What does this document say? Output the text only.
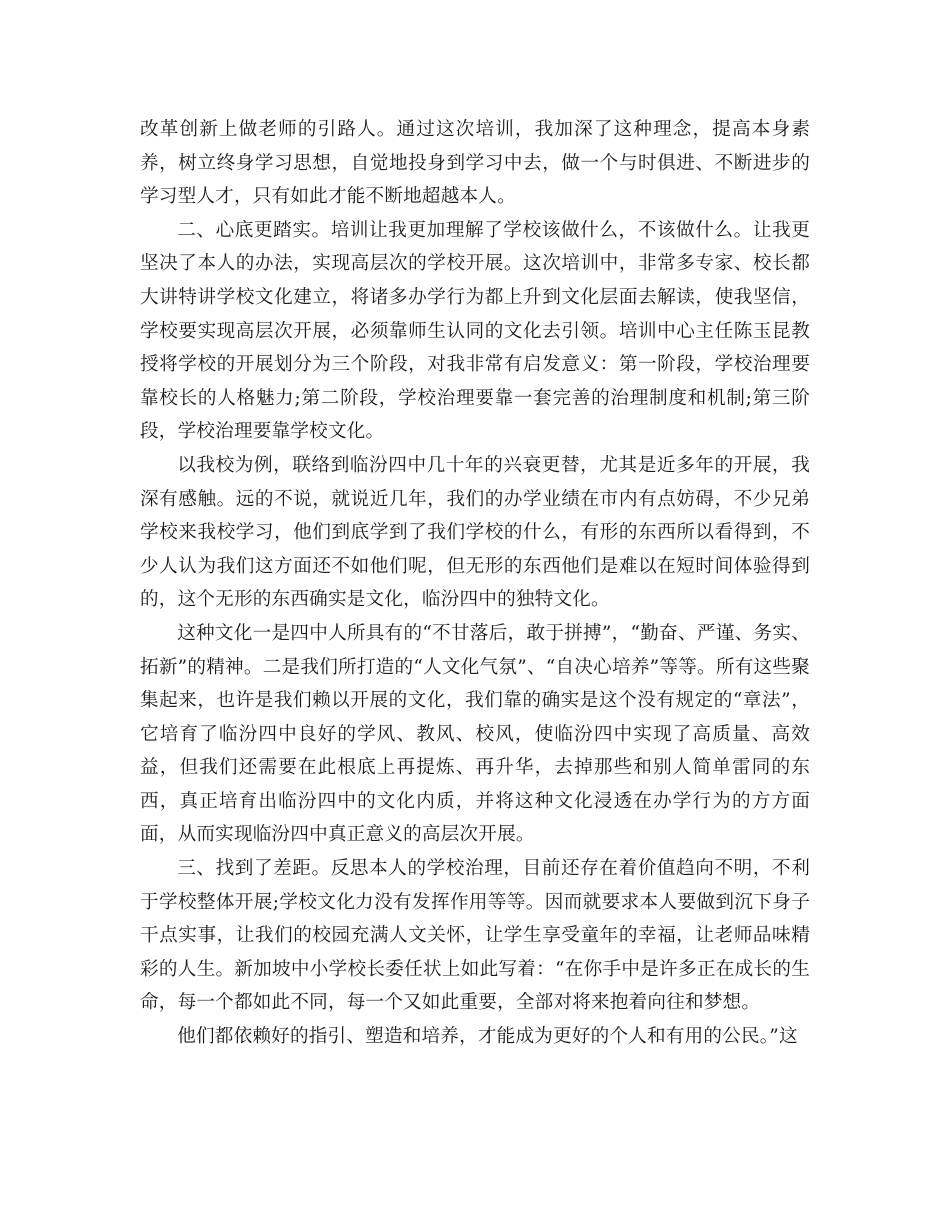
改革创新上做老师的引路人。通过这次培训，我加深了这种理念，提高本身素养，树立终身学习思想，自觉地投身到学习中去，做一个与时俱进、不断进步的学习型人才，只有如此才能不断地超越本人。

二、心底更踏实。培训让我更加理解了学校该做什么，不该做什么。让我更坚决了本人的办法，实现高层次的学校开展。这次培训中，非常多专家、校长都大讲特讲学校文化建立，将诸多办学行为都上升到文化层面去解读，使我坚信，学校要实现高层次开展，必须靠师生认同的文化去引领。培训中心主任陈玉昆教授将学校的开展划分为三个阶段，对我非常有启发意义：第一阶段，学校治理要靠校长的人格魅力;第二阶段，学校治理要靠一套完善的治理制度和机制;第三阶段，学校治理要靠学校文化。

以我校为例，联络到临汾四中几十年的兴衰更替，尤其是近多年的开展，我深有感触。远的不说，就说近几年，我们的办学业绩在市内有点妨碍，不少兄弟学校来我校学习，他们到底学到了我们学校的什么，有形的东西所以看得到，不少人认为我们这方面还不如他们呢，但无形的东西他们是难以在短时间体验得到的，这个无形的东西确实是文化，临汾四中的独特文化。

这种文化一是四中人所具有的“不甘落后，敢于拼搏”，“勤奋、严谨、务实、拓新”的精神。二是我们所打造的“人文化气氛”、“自决心培养”等等。所有这些聚集起来，也许是我们赖以开展的文化，我们靠的确实是这个没有规定的“章法”，它培育了临汾四中良好的学风、教风、校风，使临汾四中实现了高质量、高效益，但我们还需要在此根底上再提炼、再升华，去掉那些和别人简单雷同的东西，真正培育出临汾四中的文化内质，并将这种文化浸透在办学行为的方方面面，从而实现临汾四中真正意义的高层次开展。

三、找到了差距。反思本人的学校治理，目前还存在着价值趋向不明，不利于学校整体开展;学校文化力没有发挥作用等等。因而就要求本人要做到沉下身子干点实事，让我们的校园充满人文关怀，让学生享受童年的幸福，让老师品味精彩的人生。新加坡中小学校长委任状上如此写着：“在你手中是许多正在成长的生命，每一个都如此不同，每一个又如此重要，全部对将来抱着向往和梦想。

他们都依赖好的指引、塑造和培养，才能成为更好的个人和有用的公民。”这
